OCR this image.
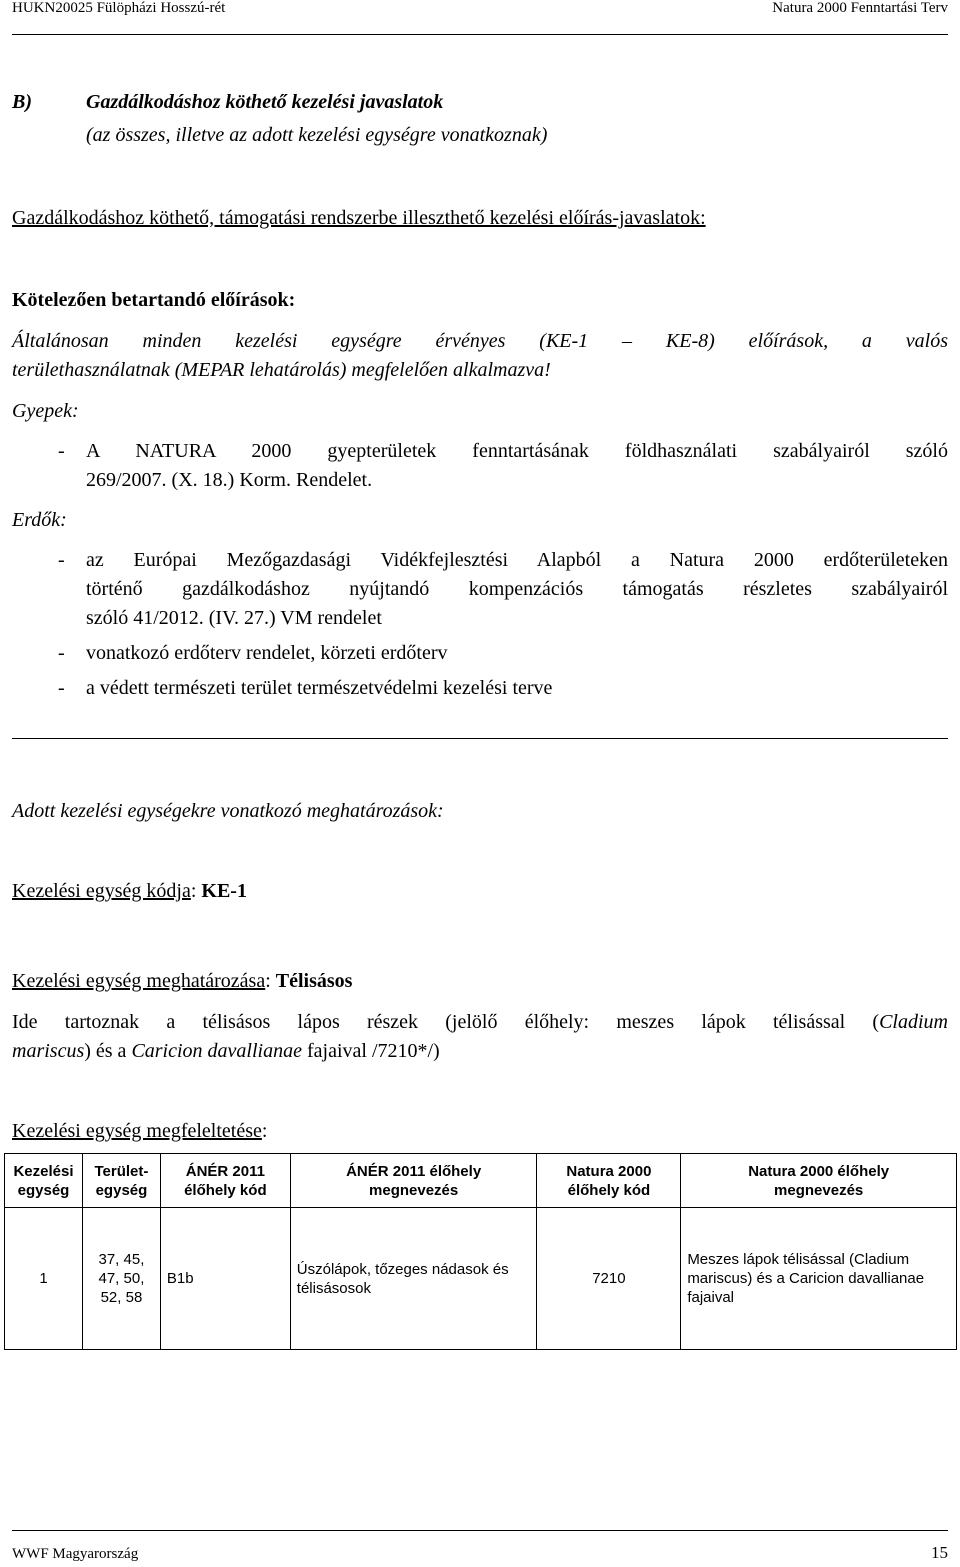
HUKN20025 Fülöpházi Hosszú-rét	Natura 2000 Fenntartási Terv
B)	Gazdálkodáshoz köthető kezelési javaslatok
(az összes, illetve az adott kezelési egységre vonatkoznak)
Gazdálkodáshoz köthető, támogatási rendszerbe illeszthető kezelési előírás-javaslatok:
Kötelezően betartandó előírások:
Általánosan minden kezelési egységre érvényes (KE-1 – KE-8) előírások, a valós
területhasználatnak (MEPAR lehatárolás) megfelelően alkalmazva!
Gyepek:
- A NATURA 2000 gyepterületek fenntartásának földhasználati szabályairól szóló
269/2007. (X. 18.) Korm. Rendelet.
Erdők:
- az Európai Mezőgazdasági Vidékfejlesztési Alapból a Natura 2000 erdőterületeken
történő gazdálkodáshoz nyújtandó kompenzációs támogatás részletes szabályairól
szóló 41/2012. (IV. 27.) VM rendelet
- vonatkozó erdőterv rendelet, körzeti erdőterv
- a védett természeti terület természetvédelmi kezelési terve
Adott kezelési egységekre vonatkozó meghatározások:
Kezelési egység kódja: KE-1
Kezelési egység meghatározása: Télisásos
Ide tartoznak a télisásos lápos részek (jelölő élőhely: meszes lápok télisással (Cladium
mariscus) és a Caricion davallianae fajaival /7210*/)
Kezelési egység megfeleltetése:
Kezelési
egység	Terület-
egység	ÁNÉR 2011
élőhely kód	ÁNÉR 2011 élőhely
megnevezés	Natura 2000
élőhely kód	Natura 2000 élőhely
megnevezés
1	37, 45,
47, 50,
52, 58	B1b	Úszólápok, tőzeges nádasok és
télisásosok	7210	Meszes lápok télisással (Cladium
mariscus) és a Caricion davallianae
fajaival
WWF Magyarország	15
